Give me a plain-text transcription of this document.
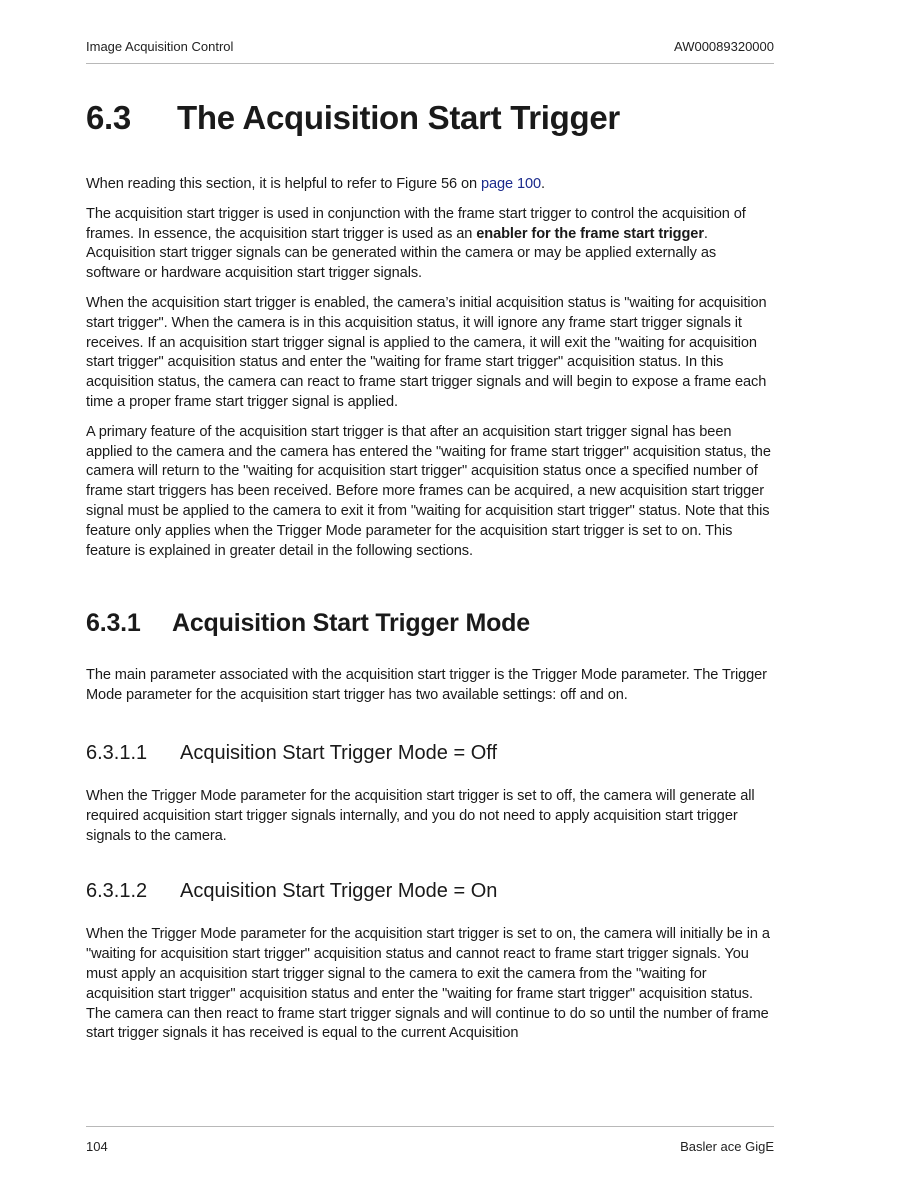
Image Acquisition Control	AW00089320000
6.3	The Acquisition Start Trigger

When reading this section, it is helpful to refer to Figure 56 on page 100.

The acquisition start trigger is used in conjunction with the frame start trigger to control the acquisition of frames. In essence, the acquisition start trigger is used as an enabler for the frame start trigger. Acquisition start trigger signals can be generated within the camera or may be applied externally as software or hardware acquisition start trigger signals.

When the acquisition start trigger is enabled, the camera’s initial acquisition status is "waiting for acquisition start trigger". When the camera is in this acquisition status, it will ignore any frame start trigger signals it receives. If an acquisition start trigger signal is applied to the camera, it will exit the "waiting for acquisition start trigger" acquisition status and enter the "waiting for frame start trigger" acquisition status. In this acquisition status, the camera can react to frame start trigger signals and will begin to expose a frame each time a proper frame start trigger signal is applied.

A primary feature of the acquisition start trigger is that after an acquisition start trigger signal has been applied to the camera and the camera has entered the "waiting for frame start trigger" acquisition status, the camera will return to the "waiting for acquisition start trigger" acquisition status once a specified number of frame start triggers has been received. Before more frames can be acquired, a new acquisition start trigger signal must be applied to the camera to exit it from "waiting for acquisition start trigger" status. Note that this feature only applies when the Trigger Mode parameter for the acquisition start trigger is set to on. This feature is explained in greater detail in the following sections.

6.3.1	Acquisition Start Trigger Mode

The main parameter associated with the acquisition start trigger is the Trigger Mode parameter. The Trigger Mode parameter for the acquisition start trigger has two available settings: off and on.

6.3.1.1	Acquisition Start Trigger Mode = Off

When the Trigger Mode parameter for the acquisition start trigger is set to off, the camera will generate all required acquisition start trigger signals internally, and you do not need to apply acquisition start trigger signals to the camera.

6.3.1.2	Acquisition Start Trigger Mode = On

When the Trigger Mode parameter for the acquisition start trigger is set to on, the camera will initially be in a "waiting for acquisition start trigger" acquisition status and cannot react to frame start trigger signals. You must apply an acquisition start trigger signal to the camera to exit the camera from the "waiting for acquisition start trigger" acquisition status and enter the "waiting for frame start trigger" acquisition status. The camera can then react to frame start trigger signals and will continue to do so until the number of frame start trigger signals it has received is equal to the current Acquisition

104	Basler ace GigE
